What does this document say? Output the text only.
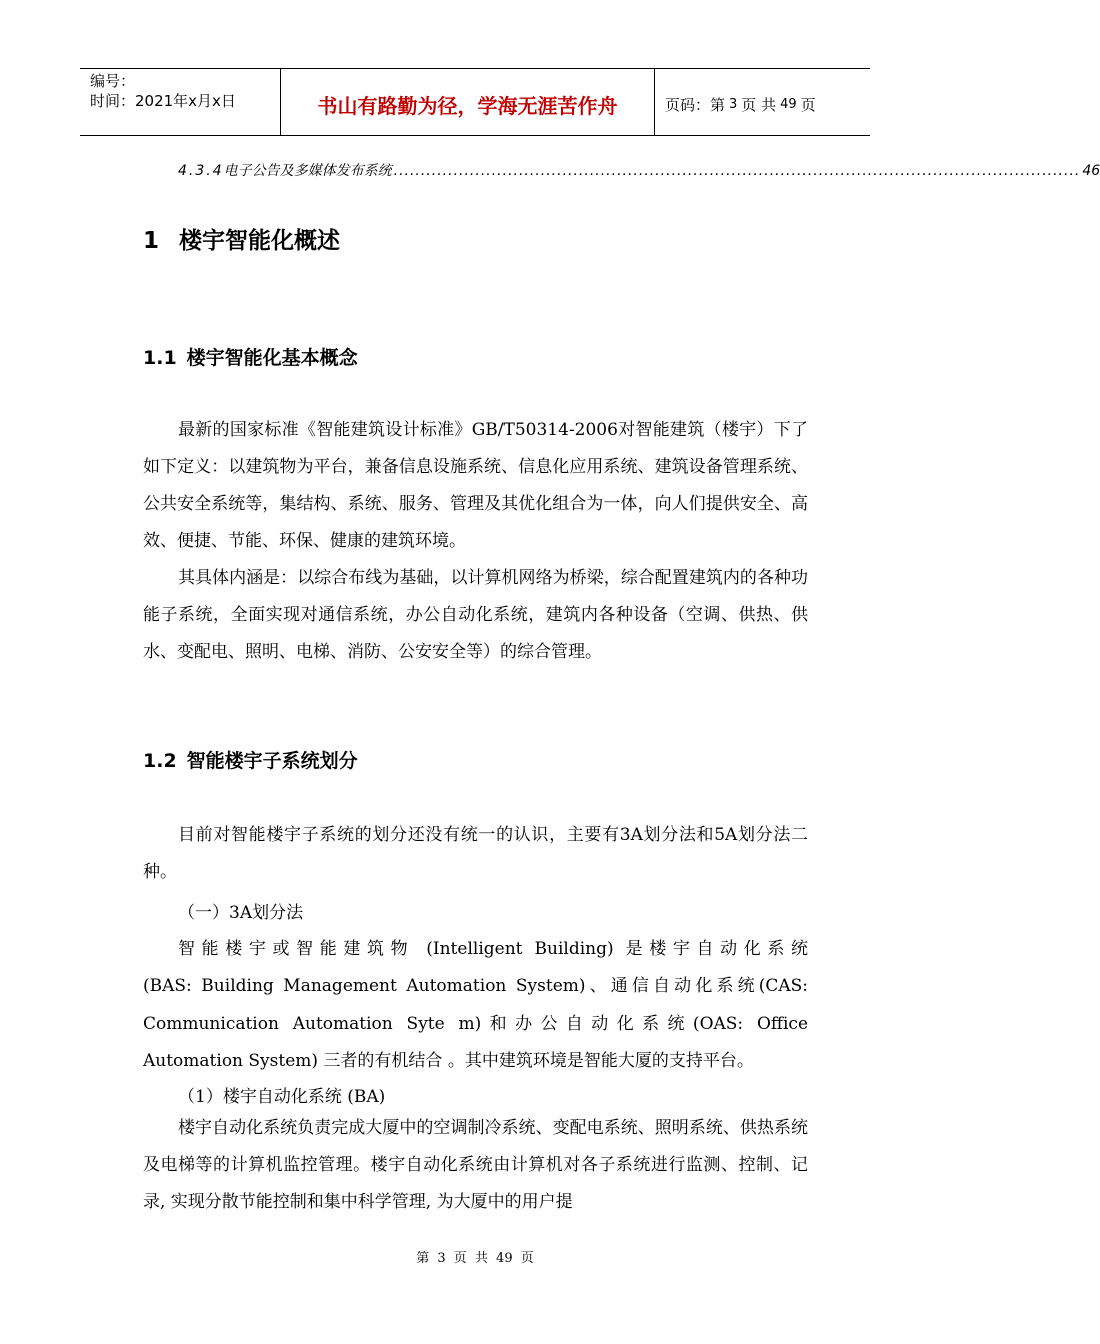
编号：
时间：2021年x月x日	书山有路勤为径，学海无涯苦作舟	页码：第 3 页 共 49 页
4.3.4 电子公告及多媒体发布系统 .............................................................................................................................. 46
1 楼宇智能化概述
1.1 楼宇智能化基本概念
最新的国家标准《智能建筑设计标准》GB/T50314-2006对智能建筑（楼宇）下了如下定义：以建筑物为平台，兼备信息设施系统、信息化应用系统、建筑设备管理系统、公共安全系统等，集结构、系统、服务、管理及其优化组合为一体，向人们提供安全、高效、便捷、节能、环保、健康的建筑环境。
其具体内涵是：以综合布线为基础，以计算机网络为桥梁，综合配置建筑内的各种功能子系统，全面实现对通信系统，办公自动化系统，建筑内各种设备（空调、供热、供水、变配电、照明、电梯、消防、公安安全等）的综合管理。
1.2 智能楼宇子系统划分
目前对智能楼宇子系统的划分还没有统一的认识，主要有3A划分法和5A划分法二种。
（一）3A划分法
智能楼宇或智能建筑物 (Intelligent Building) 是楼宇自动化系统
(BAS: Building Management Automation System)、通信自动化系统(CAS:
Communication Automation Syte m)和办公自动化系统(OAS: Office
Automation System) 三者的有机结合 。其中建筑环境是智能大厦的支持平台。
（1）楼宇自动化系统 (BA)
楼宇自动化系统负责完成大厦中的空调制冷系统、变配电系统、照明系统、供热系统及电梯等的计算机监控管理。楼宇自动化系统由计算机对各子系统进行监测、控制、记录, 实现分散节能控制和集中科学管理, 为大厦中的用户提
第 3 页 共 49 页
